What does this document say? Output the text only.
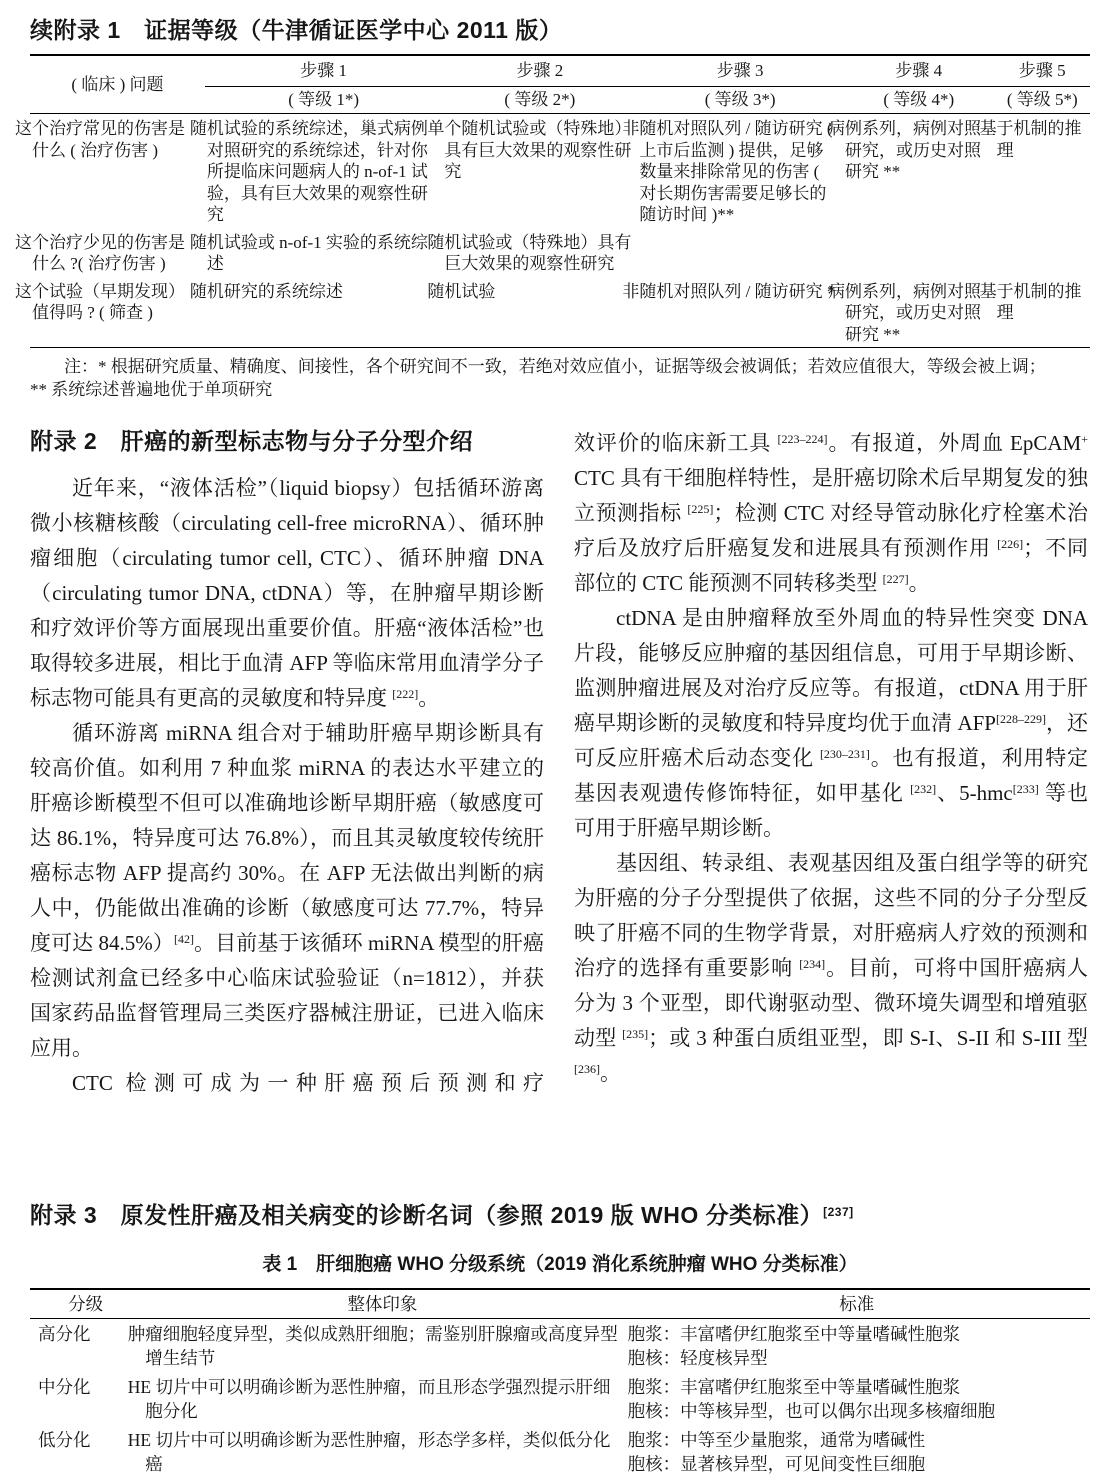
续附录 1　证据等级（牛津循证医学中心 2011 版）
( 临床 ) 问题	步骤 1	步骤 2	步骤 3	步骤 4	步骤 5
	( 等级 1*)	( 等级 2*)	( 等级 3*)	( 等级 4*)	( 等级 5*)
这个治疗常见的伤害是什么 ( 治疗伤害 )	随机试验的系统综述，巢式病例对照研究的系统综述，针对你所提临床问题病人的 n-of-1 试验，具有巨大效果的观察性研究	单个随机试验或（特殊地）具有巨大效果的观察性研究	非随机对照队列 / 随访研究 ( 上市后监测 ) 提供，足够数量来排除常见的伤害 ( 对长期伤害需要足够长的随访时间 )**	病例系列，病例对照研究，或历史对照研究 **	基于机制的推理
这个治疗少见的伤害是什么 ?( 治疗伤害 )	随机试验或 n-of-1 实验的系统综述	随机试验或（特殊地）具有巨大效果的观察性研究			
这个试验（早期发现）值得吗 ? ( 筛查 )	随机研究的系统综述	随机试验	非随机对照队列 / 随访研究 *	病例系列，病例对照研究，或历史对照研究 **	基于机制的推理
注：* 根据研究质量、精确度、间接性，各个研究间不一致，若绝对效应值小，证据等级会被调低；若效应值很大，等级会被上调；
** 系统综述普遍地优于单项研究
附录 2　肝癌的新型标志物与分子分型介绍

近年来，“液体活检”（liquid biopsy）包括循环游离微小核糖核酸（circulating cell-free microRNA）、循环肿瘤细胞（circulating tumor cell, CTC）、循环肿瘤 DNA（circulating tumor DNA, ctDNA）等，在肿瘤早期诊断和疗效评价等方面展现出重要价值。肝癌“液体活检”也取得较多进展，相比于血清 AFP 等临床常用血清学分子标志物可能具有更高的灵敏度和特异度 [222]。

循环游离 miRNA 组合对于辅助肝癌早期诊断具有较高价值。如利用 7 种血浆 miRNA 的表达水平建立的肝癌诊断模型不但可以准确地诊断早期肝癌（敏感度可达 86.1%，特异度可达 76.8%），而且其灵敏度较传统肝癌标志物 AFP 提高约 30%。在 AFP 无法做出判断的病人中，仍能做出准确的诊断（敏感度可达 77.7%，特异度可达 84.5%）[42]。目前基于该循环 miRNA 模型的肝癌检测试剂盒已经多中心临床试验验证（n=1812），并获国家药品监督管理局三类医疗器械注册证，已进入临床应用。

CTC 检测可成为一种肝癌预后预测和疗

效评价的临床新工具 [223–224]。有报道，外周血 EpCAM+ CTC 具有干细胞样特性，是肝癌切除术后早期复发的独立预测指标 [225]；检测 CTC 对经导管动脉化疗栓塞术治疗后及放疗后肝癌复发和进展具有预测作用 [226]；不同部位的 CTC 能预测不同转移类型 [227]。

ctDNA 是由肿瘤释放至外周血的特异性突变 DNA 片段，能够反应肿瘤的基因组信息，可用于早期诊断、监测肿瘤进展及对治疗反应等。有报道，ctDNA 用于肝癌早期诊断的灵敏度和特异度均优于血清 AFP[228–229]，还可反应肝癌术后动态变化 [230–231]。也有报道，利用特定基因表观遗传修饰特征，如甲基化 [232]、5-hmc[233] 等也可用于肝癌早期诊断。

基因组、转录组、表观基因组及蛋白组学等的研究为肝癌的分子分型提供了依据，这些不同的分子分型反映了肝癌不同的生物学背景，对肝癌病人疗效的预测和治疗的选择有重要影响 [234]。目前，可将中国肝癌病人分为 3 个亚型，即代谢驱动型、微环境失调型和增殖驱动型 [235]；或 3 种蛋白质组亚型，即 S-I、S-II 和 S-III 型 [236]。

附录 3　原发性肝癌及相关病变的诊断名词（参照 2019 版 WHO 分类标准）[237]
表 1　肝细胞癌 WHO 分级系统（2019 消化系统肿瘤 WHO 分类标准）
分级	整体印象	标准
高分化	肿瘤细胞轻度异型，类似成熟肝细胞；需鉴别肝腺瘤或高度异型增生结节	胞浆：丰富嗜伊红胞浆至中等量嗜碱性胞浆
胞核：轻度核异型

中分化	HE 切片中可以明确诊断为恶性肿瘤，而且形态学强烈提示肝细胞分化	胞浆：丰富嗜伊红胞浆至中等量嗜碱性胞浆
胞核：中等核异型，也可以偶尔出现多核瘤细胞

低分化	HE 切片中可以明确诊断为恶性肿瘤，形态学多样，类似低分化癌	胞浆：中等至少量胞浆，通常为嗜碱性
胞核：显著核异型，可见间变性巨细胞
